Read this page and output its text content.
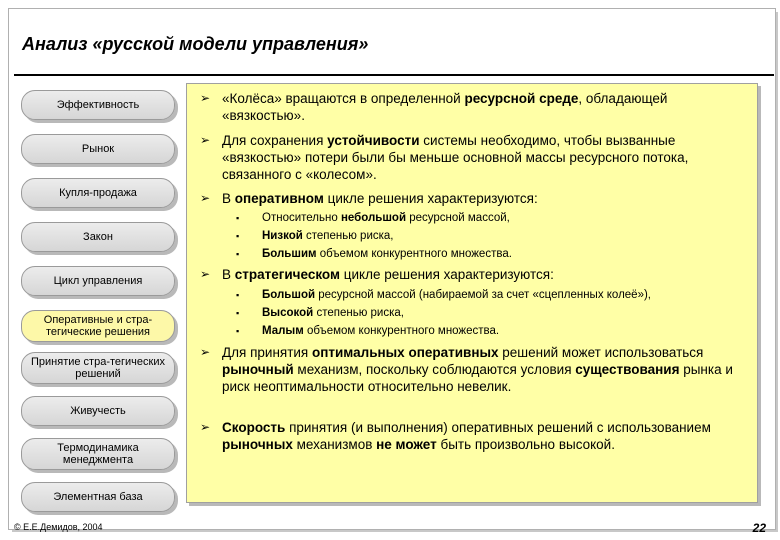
Анализ «русской модели управления»
Эффективность
Рынок
Купля-продажа
Закон
Цикл управления
Оперативные и стра-тегические решения
Принятие стра-тегических решений
Живучесть
Термодинамика менеджмента
Элементная база
➢ «Колёса» вращаются в определенной ресурсной среде, обладающей «вязкостью».
➢ Для сохранения устойчивости системы необходимо, чтобы вызванные «вязкостью» потери были бы меньше основной массы ресурсного потока, связанного с «колесом».
➢ В оперативном цикле решения характеризуются:
▪ Относительно небольшой ресурсной массой,
▪ Низкой степенью риска,
▪ Большим объемом конкурентного множества.
➢ В стратегическом цикле решения характеризуются:
▪ Большой ресурсной массой (набираемой за счет «сцепленных колеё»),
▪ Высокой степенью риска,
▪ Малым объемом конкурентного множества.
➢ Для принятия оптимальных оперативных решений может использоваться рыночный механизм, поскольку соблюдаются условия существования рынка и риск неоптимальности относительно невелик.
➢ Скорость принятия (и выполнения) оперативных решений с использованием рыночных механизмов не может быть произвольно высокой.
© Е.Е.Демидов, 2004	22
